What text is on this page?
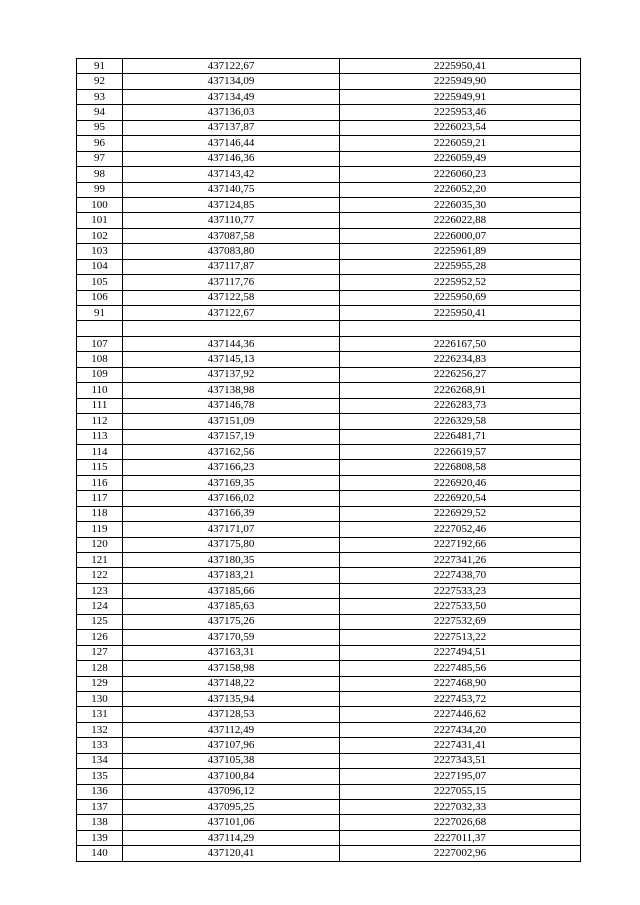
91	437122,67	2225950,41
92	437134,09	2225949,90
93	437134,49	2225949,91
94	437136,03	2225953,46
95	437137,87	2226023,54
96	437146,44	2226059,21
97	437146,36	2226059,49
98	437143,42	2226060,23
99	437140,75	2226052,20
100	437124,85	2226035,30
101	437110,77	2226022,88
102	437087,58	2226000,07
103	437083,80	2225961,89
104	437117,87	2225955,28
105	437117,76	2225952,52
106	437122,58	2225950,69
91	437122,67	2225950,41

107	437144,36	2226167,50
108	437145,13	2226234,83
109	437137,92	2226256,27
110	437138,98	2226268,91
111	437146,78	2226283,73
112	437151,09	2226329,58
113	437157,19	2226481,71
114	437162,56	2226619,57
115	437166,23	2226808,58
116	437169,35	2226920,46
117	437166,02	2226920,54
118	437166,39	2226929,52
119	437171,07	2227052,46
120	437175,80	2227192,66
121	437180,35	2227341,26
122	437183,21	2227438,70
123	437185,66	2227533,23
124	437185,63	2227533,50
125	437175,26	2227532,69
126	437170,59	2227513,22
127	437163,31	2227494,51
128	437158,98	2227485,56
129	437148,22	2227468,90
130	437135,94	2227453,72
131	437128,53	2227446,62
132	437112,49	2227434,20
133	437107,96	2227431,41
134	437105,38	2227343,51
135	437100,84	2227195,07
136	437096,12	2227055,15
137	437095,25	2227032,33
138	437101,06	2227026,68
139	437114,29	2227011,37
140	437120,41	2227002,96
